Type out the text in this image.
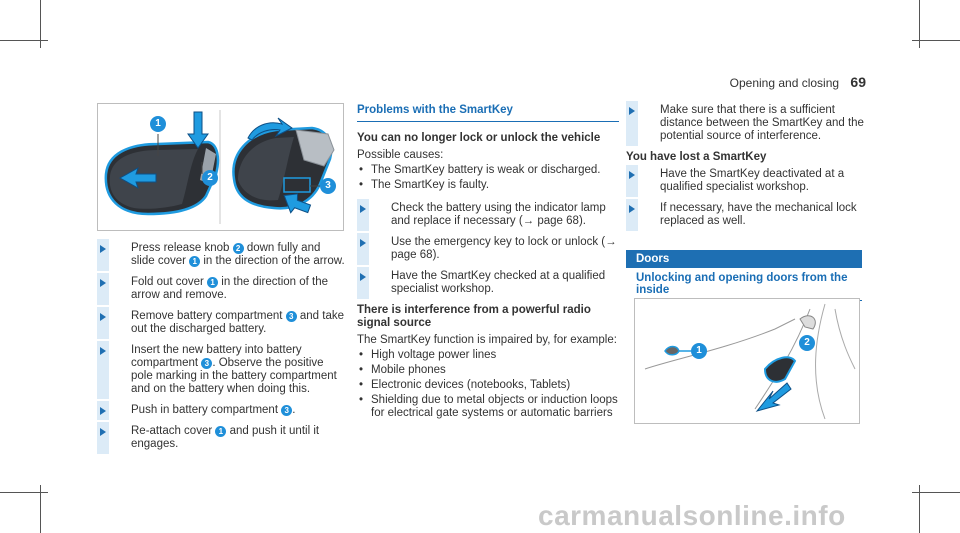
Opening and closing 69
1
2
3
Press release knob 2 down fully and slide cover 1 in the direction of the arrow.
Fold out cover 1 in the direction of the arrow and remove.
Remove battery compartment 3 and take out the discharged battery.
Insert the new battery into battery compartment 3 . Observe the positive pole marking in the battery compartment and on the battery when doing this.
Push in battery compartment 3 .
Re-attach cover 1 and push it until it engages.
Problems with the SmartKey
You can no longer lock or unlock the vehicle
Possible causes:
• The SmartKey battery is weak or discharged.
• The SmartKey is faulty.
Check the battery using the indicator lamp and replace if necessary (→ page 68).
Use the emergency key to lock or unlock (→ page 68).
Have the SmartKey checked at a qualified specialist workshop.
There is interference from a powerful radio signal source
The SmartKey function is impaired by, for example:
• High voltage power lines
• Mobile phones
• Electronic devices (notebooks, Tablets)
• Shielding due to metal objects or induction loops for electrical gate systems or automatic barriers
Make sure that there is a sufficient distance between the SmartKey and the potential source of interference.
You have lost a SmartKey
Have the SmartKey deactivated at a qualified specialist workshop.
If necessary, have the mechanical lock replaced as well.
Doors
Unlocking and opening doors from the inside
1
2
carmanualsonline.info
